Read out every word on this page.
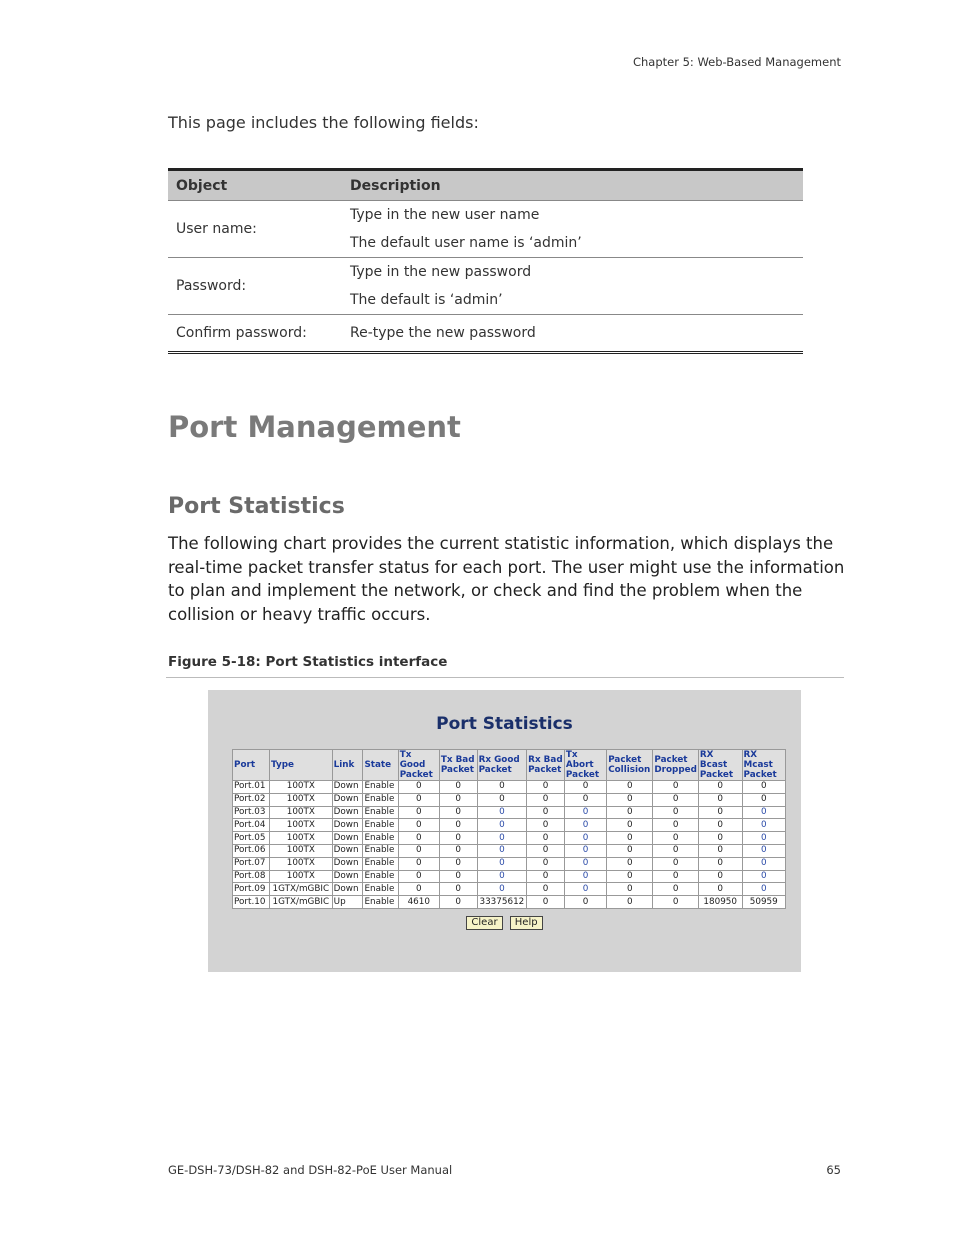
Chapter 5: Web-Based Management
This page includes the following fields:
Object	Description
User name:	Type in the new user name
	The default user name is ‘admin’
Password:	Type in the new password
	The default is ‘admin’
Confirm password:	Re-type the new password
Port Management
Port Statistics
The following chart provides the current statistic information, which displays the real-time packet transfer status for each port. The user might use the information to plan and implement the network, or check and find the problem when the collision or heavy traffic occurs.
Figure 5-18: Port Statistics interface
Port Statistics
Port	Type	Link	State	Tx Good Packet	Tx Bad Packet	Rx Good Packet	Rx Bad Packet	Tx Abort Packet	Packet Collision	Packet Dropped	RX Bcast Packet	RX Mcast Packet
Port.01	100TX	Down	Enable	0	0	0	0	0	0	0	0	0
Port.02	100TX	Down	Enable	0	0	0	0	0	0	0	0	0
Port.03	100TX	Down	Enable	0	0	0	0	0	0	0	0	0
Port.04	100TX	Down	Enable	0	0	0	0	0	0	0	0	0
Port.05	100TX	Down	Enable	0	0	0	0	0	0	0	0	0
Port.06	100TX	Down	Enable	0	0	0	0	0	0	0	0	0
Port.07	100TX	Down	Enable	0	0	0	0	0	0	0	0	0
Port.08	100TX	Down	Enable	0	0	0	0	0	0	0	0	0
Port.09	1GTX/mGBIC	Down	Enable	0	0	0	0	0	0	0	0	0
Port.10	1GTX/mGBIC	Up	Enable	4610	0	33375612	0	0	0	0	180950	50959
Clear Help
GE-DSH-73/DSH-82 and DSH-82-PoE User Manual	65
